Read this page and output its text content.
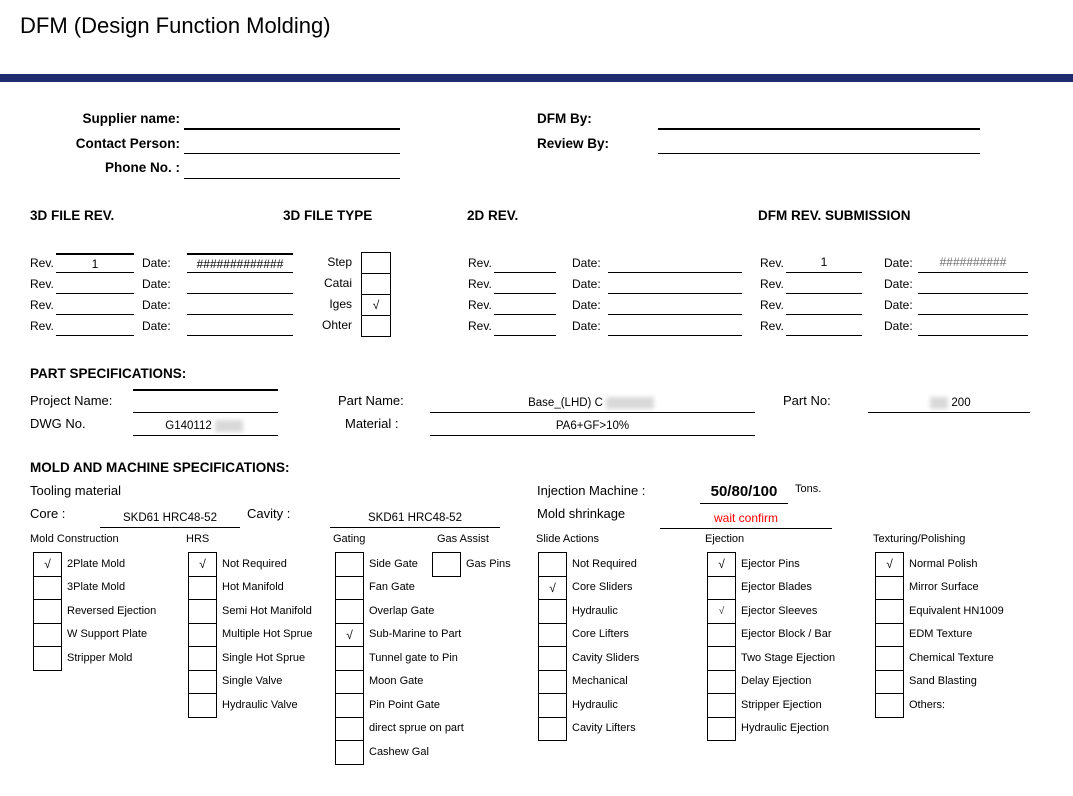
DFM (Design Function Molding)
Supplier name:
Contact Person:
Phone No. :
DFM By:
Review By:
3D FILE REV.	3D FILE TYPE	2D REV.	DFM REV. SUBMISSION
Rev.	1	Date:	#############
Rev.	Date:
Rev.	Date:
Rev.	Date:
Step
Catai
Iges	√
Ohter
Rev.	Date:
Rev.	Date:
Rev.	Date:
Rev.	Date:
Rev.	1	Date:	##########
Rev.	Date:
Rev.	Date:
Rev.	Date:
PART SPECIFICATIONS:
Project Name:
DWG No.	G140112
Part Name:	Base_(LHD) C
Material :	PA6+GF>10%
Part No:	200
MOLD AND MACHINE SPECIFICATIONS:
Tooling material
Core :	SKD61 HRC48-52 Cavity :	SKD61 HRC48-52
Injection Machine :	50/80/100 Tons.
Mold shrinkage	wait confirm
Mold Construction
√	2Plate Mold
3Plate Mold
Reversed Ejection
W Support Plate
Stripper Mold
HRS
√	Not Required
Hot Manifold
Semi Hot Manifold
Multiple Hot Sprue
Single Hot Sprue
Single Valve
Hydraulic Valve
Gating
Side Gate
Fan Gate
Overlap Gate
√	Sub-Marine to Part
Tunnel gate to Pin
Moon Gate
Pin Point Gate
direct sprue on part
Cashew Gal
Gas Assist
Gas Pins
Slide Actions
Not Required
√	Core Sliders
Hydraulic
Core Lifters
Cavity Sliders
Mechanical
Hydraulic
Cavity Lifters
Ejection
√	Ejector Pins
Ejector Blades
√	Ejector Sleeves
Ejector Block / Bar
Two Stage Ejection
Delay Ejection
Stripper Ejection
Hydraulic Ejection
Texturing/Polishing
√	Normal Polish
Mirror Surface
Equivalent HN1009
EDM Texture
Chemical Texture
Sand Blasting
Others:
